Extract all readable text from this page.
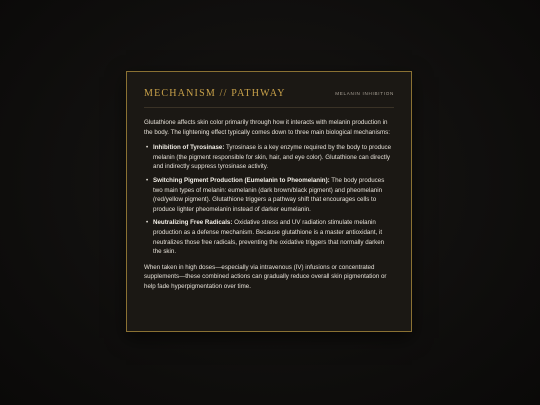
MECHANISM // PATHWAY	MELANIN INHIBITION

Glutathione affects skin color primarily through how it interacts with melanin production in the body. The lightening effect typically comes down to three main biological mechanisms:

• Inhibition of Tyrosinase: Tyrosinase is a key enzyme required by the body to produce melanin (the pigment responsible for skin, hair, and eye color). Glutathione can directly and indirectly suppress tyrosinase activity.
• Switching Pigment Production (Eumelanin to Pheomelanin): The body produces two main types of melanin: eumelanin (dark brown/black pigment) and pheomelanin (red/yellow pigment). Glutathione triggers a pathway shift that encourages cells to produce lighter pheomelanin instead of darker eumelanin.
• Neutralizing Free Radicals: Oxidative stress and UV radiation stimulate melanin production as a defense mechanism. Because glutathione is a master antioxidant, it neutralizes those free radicals, preventing the oxidative triggers that normally darken the skin.

When taken in high doses—especially via intravenous (IV) infusions or concentrated supplements—these combined actions can gradually reduce overall skin pigmentation or help fade hyperpigmentation over time.
